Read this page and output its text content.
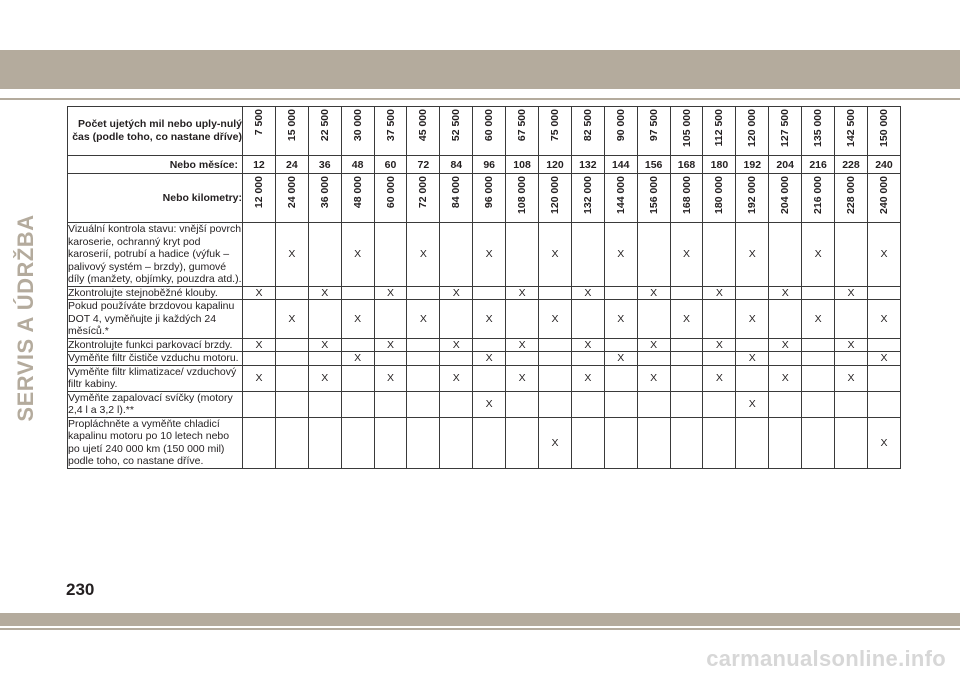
SERVIS A ÚDRŽBA
Počet ujetých mil nebo uply-nulý čas (podle toho, co nastane dříve)	7 500	15 000	22 500	30 000	37 500	45 000	52 500	60 000	67 500	75 000	82 500	90 000	97 500	105 000	112 500	120 000	127 500	135 000	142 500	150 000
Nebo měsíce:	12	24	36	48	60	72	84	96	108	120	132	144	156	168	180	192	204	216	228	240
Nebo kilometry:	12 000	24 000	36 000	48 000	60 000	72 000	84 000	96 000	108 000	120 000	132 000	144 000	156 000	168 000	180 000	192 000	204 000	216 000	228 000	240 000
Vizuální kontrola stavu: vnější povrch karoserie, ochranný kryt pod karoserií, potrubí a hadice (výfuk – palivový systém – brzdy), gumové díly (manžety, objímky, pouzdra atd.).		X		X		X		X		X		X		X		X		X		X
Zkontrolujte stejnoběžné klouby.	X		X		X		X		X		X		X		X		X		X	
Pokud používáte brzdovou kapalinu DOT 4, vyměňujte ji každých 24 měsíců.*		X		X		X		X		X		X		X		X		X		X
Zkontrolujte funkci parkovací brzdy.	X		X		X		X		X		X		X		X		X		X	
Vyměňte filtr čističe vzduchu motoru.				X				X				X				X				X
Vyměňte filtr klimatizace/ vzduchový filtr kabiny.	X		X		X		X		X		X		X		X		X		X	
Vyměňte zapalovací svíčky (motory 2,4 l a 3,2 l).**								X								X				
Propláchněte a vyměňte chladicí kapalinu motoru po 10 letech nebo po ujetí 240 000 km (150 000 mil) podle toho, co nastane dříve.										X										X
230
carmanualsonline.info
